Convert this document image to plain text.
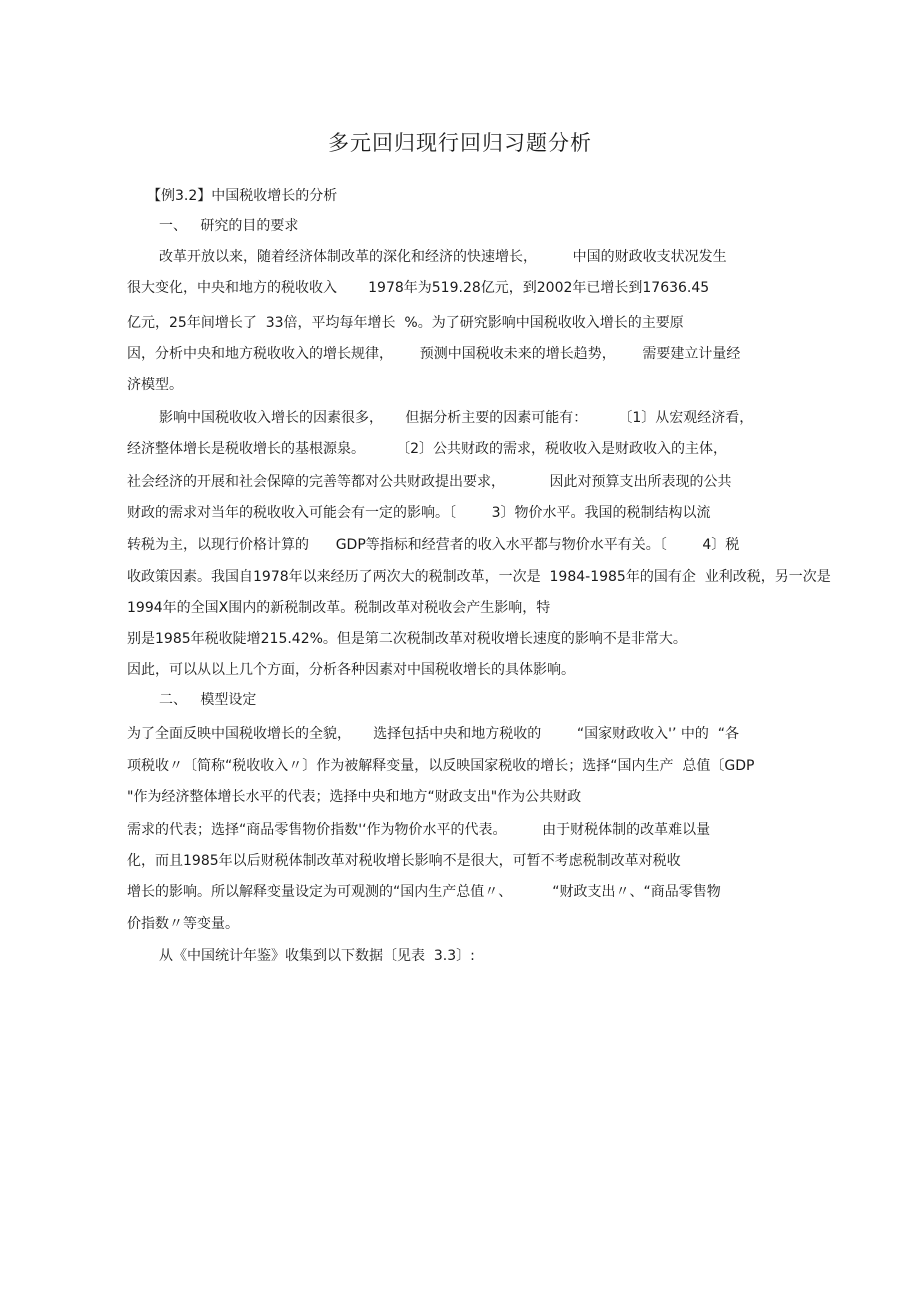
多元回归现行回归习题分析
【例3.2】中国税收增长的分析
一、   研究的目的要求
改革开放以来，随着经济体制改革的深化和经济的快速增长，        中国的财政收支状况发生
很大变化，中央和地方的税收收入       1978年为519.28亿元，到2002年已增长到17636.45
亿元，25年间增长了  33倍，平均每年增长  %。为了研究影响中国税收收入增长的主要原
因，分析中央和地方税收收入的增长规律，      预测中国税收未来的增长趋势，      需要建立计量经
济模型。
影响中国税收收入增长的因素很多，     但据分析主要的因素可能有：       〔1〕从宏观经济看，
经济整体增长是税收增长的基根源泉。       〔2〕公共财政的需求，税收收入是财政收入的主体，
社会经济的开展和社会保障的完善等都对公共财政提出要求，          因此对预算支出所表现的公共
财政的需求对当年的税收收入可能会有一定的影响。〔        3〕物价水平。我国的税制结构以流
转税为主，以现行价格计算的      GDP等指标和经营者的收入水平都与物价水平有关。〔        4〕税
收政策因素。我国自1978年以来经历了两次大的税制改革，一次是  1984-1985年的国有企  业利改税，另一次是
1994年的全国X围内的新税制改革。税制改革对税收会产生影响，特
别是1985年税收陡增215.42%。但是第二次税制改革对税收增长速度的影响不是非常大。
因此，可以从以上几个方面，分析各种因素对中国税收增长的具体影响。
二、   模型设定
为了全面反映中国税收增长的全貌，     选择包括中央和地方税收的        “国家财政收入'’ 中的  “各
项税收〃〔简称“税收收入〃〕作为被解释变量，以反映国家税收的增长；选择“国内生产  总值〔GDP
"作为经济整体增长水平的代表；选择中央和地方“财政支出"作为公共财政
需求的代表；选择“商品零售物价指数'‘作为物价水平的代表。        由于财税体制的改革难以量
化，而且1985年以后财税体制改革对税收增长影响不是很大，可暂不考虑税制改革对税收
增长的影响。所以解释变量设定为可观测的“国内生产总值〃、         “财政支出〃、“商品零售物
价指数〃等变量。
从《中国统计年鉴》收集到以下数据〔见表  3.3〕:
